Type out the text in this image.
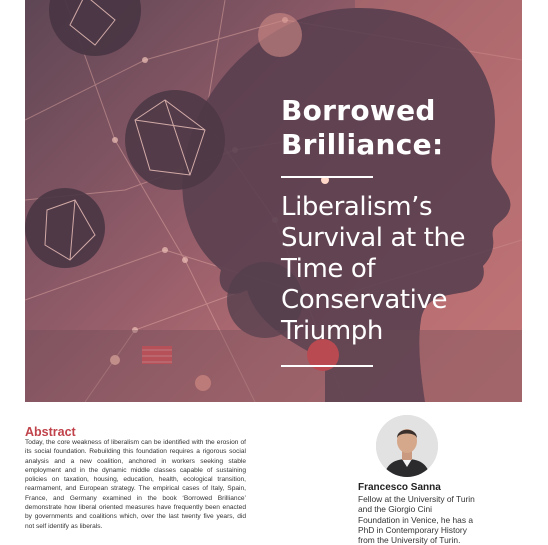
Borrowed
Brilliance:
Liberalism’s
Survival at the
Time of
Conservative
Triumph
Abstract

Today, the core weakness of liberalism can be identified with the erosion of its social foundation. Rebuilding this foundation requires a rigorous social analysis and a new coalition, anchored in workers seeking stable employment and in the dynamic middle classes capable of sustaining policies on taxation, housing, education, health, ecological transition, rearmament, and European strategy. The empirical cases of Italy, Spain, France, and Germany examined in the book ‘Borrowed Brilliance’ demonstrate how liberal oriented measures have frequently been enacted by governments and coalitions which, over the last twenty five years, did not self identify as liberals.

Francesco Sanna

Fellow at the University of Turin and the Giorgio Cini Foundation in Venice, he has a PhD in Contemporary History from the University of Turin.
